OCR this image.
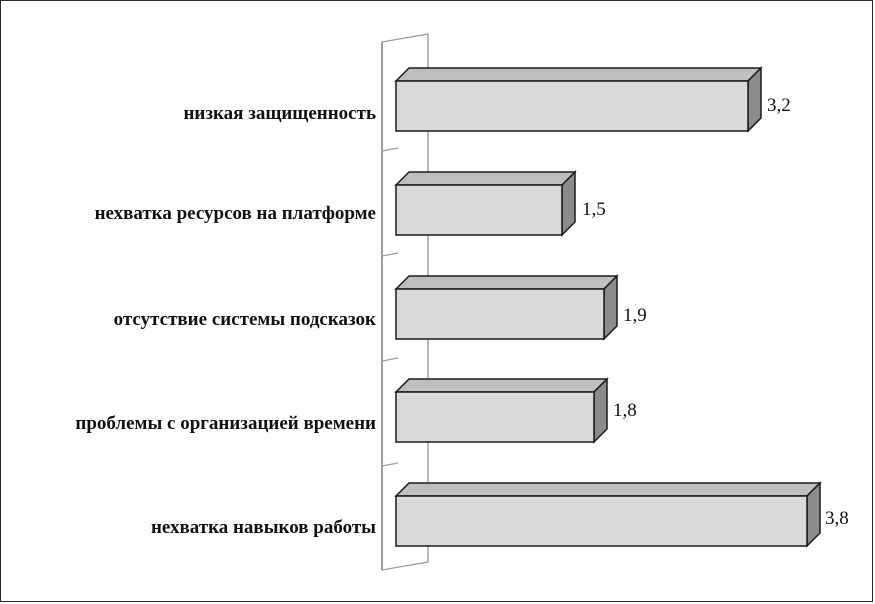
низкая защищенность
нехватка ресурсов на платформе
отсутствие системы подсказок
проблемы с организацией времени
нехватка навыков работы
3,2
1,5
1,9
1,8
3,8
